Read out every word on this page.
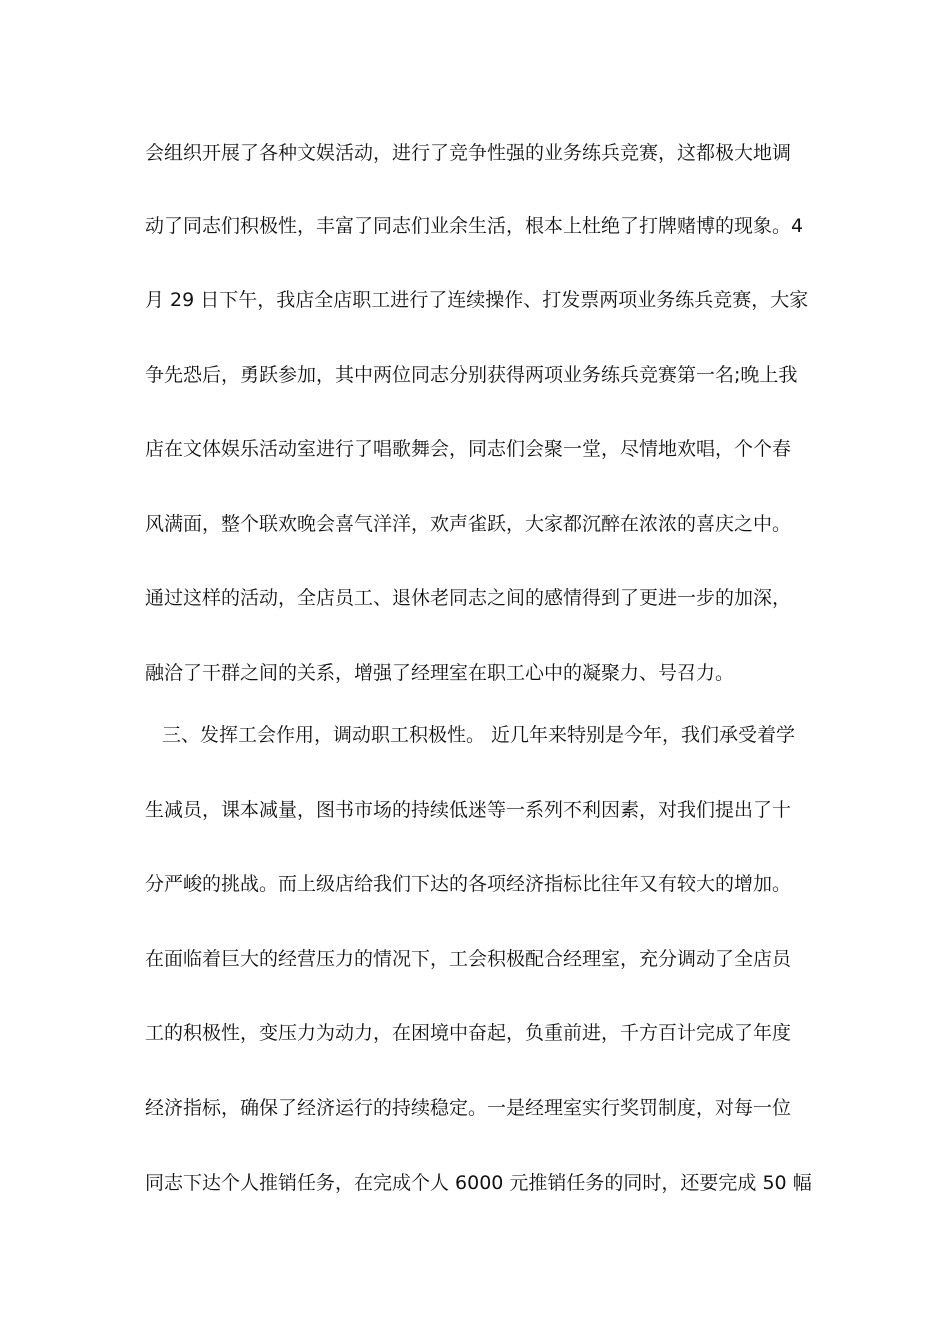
会组织开展了各种文娱活动，进行了竞争性强的业务练兵竞赛，这都极大地调
动了同志们积极性，丰富了同志们业余生活，根本上杜绝了打牌赌博的现象。4
月 29 日下午，我店全店职工进行了连续操作、打发票两项业务练兵竞赛，大家
争先恐后，勇跃参加，其中两位同志分别获得两项业务练兵竞赛第一名;晚上我
店在文体娱乐活动室进行了唱歌舞会，同志们会聚一堂，尽情地欢唱，个个春
风满面，整个联欢晚会喜气洋洋，欢声雀跃，大家都沉醉在浓浓的喜庆之中。
通过这样的活动，全店员工、退休老同志之间的感情得到了更进一步的加深，
融洽了干群之间的关系，增强了经理室在职工心中的凝聚力、号召力。
三、发挥工会作用，调动职工积极性。 近几年来特别是今年，我们承受着学
生减员，课本减量，图书市场的持续低迷等一系列不利因素，对我们提出了十
分严峻的挑战。而上级店给我们下达的各项经济指标比往年又有较大的增加。
在面临着巨大的经营压力的情况下，工会积极配合经理室，充分调动了全店员
工的积极性，变压力为动力，在困境中奋起，负重前进，千方百计完成了年度
经济指标，确保了经济运行的持续稳定。一是经理室实行奖罚制度，对每一位
同志下达个人推销任务，在完成个人 6000 元推销任务的同时，还要完成 50 幅
